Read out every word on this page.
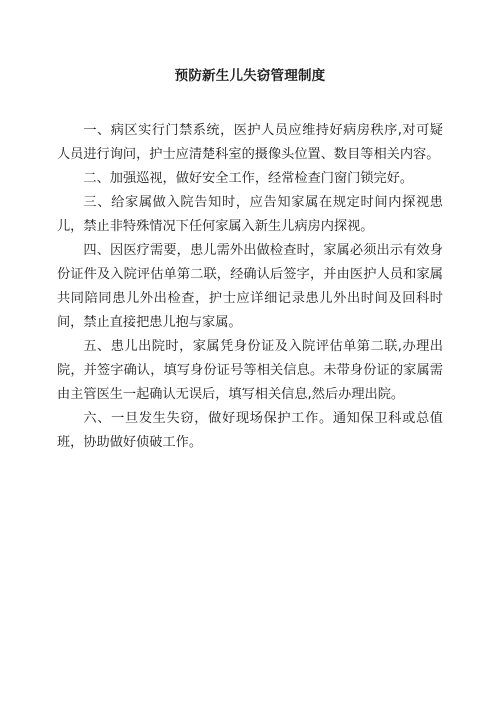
预防新生儿失窃管理制度

一、病区实行门禁系统，医护人员应维持好病房秩序,对可疑人员进行询问，护士应清楚科室的摄像头位置、数目等相关内容。

二、加强巡视，做好安全工作，经常检查门窗门锁完好。

三、给家属做入院告知时，应告知家属在规定时间内探视患儿，禁止非特殊情况下任何家属入新生儿病房内探视。

四、因医疗需要，患儿需外出做检查时，家属必须出示有效身份证件及入院评估单第二联，经确认后签字，并由医护人员和家属共同陪同患儿外出检查，护士应详细记录患儿外出时间及回科时间，禁止直接把患儿抱与家属。

五、患儿出院时，家属凭身份证及入院评估单第二联,办理出院，并签字确认，填写身份证号等相关信息。未带身份证的家属需由主管医生一起确认无误后，填写相关信息,然后办理出院。

六、一旦发生失窃，做好现场保护工作。通知保卫科或总值班，协助做好侦破工作。
